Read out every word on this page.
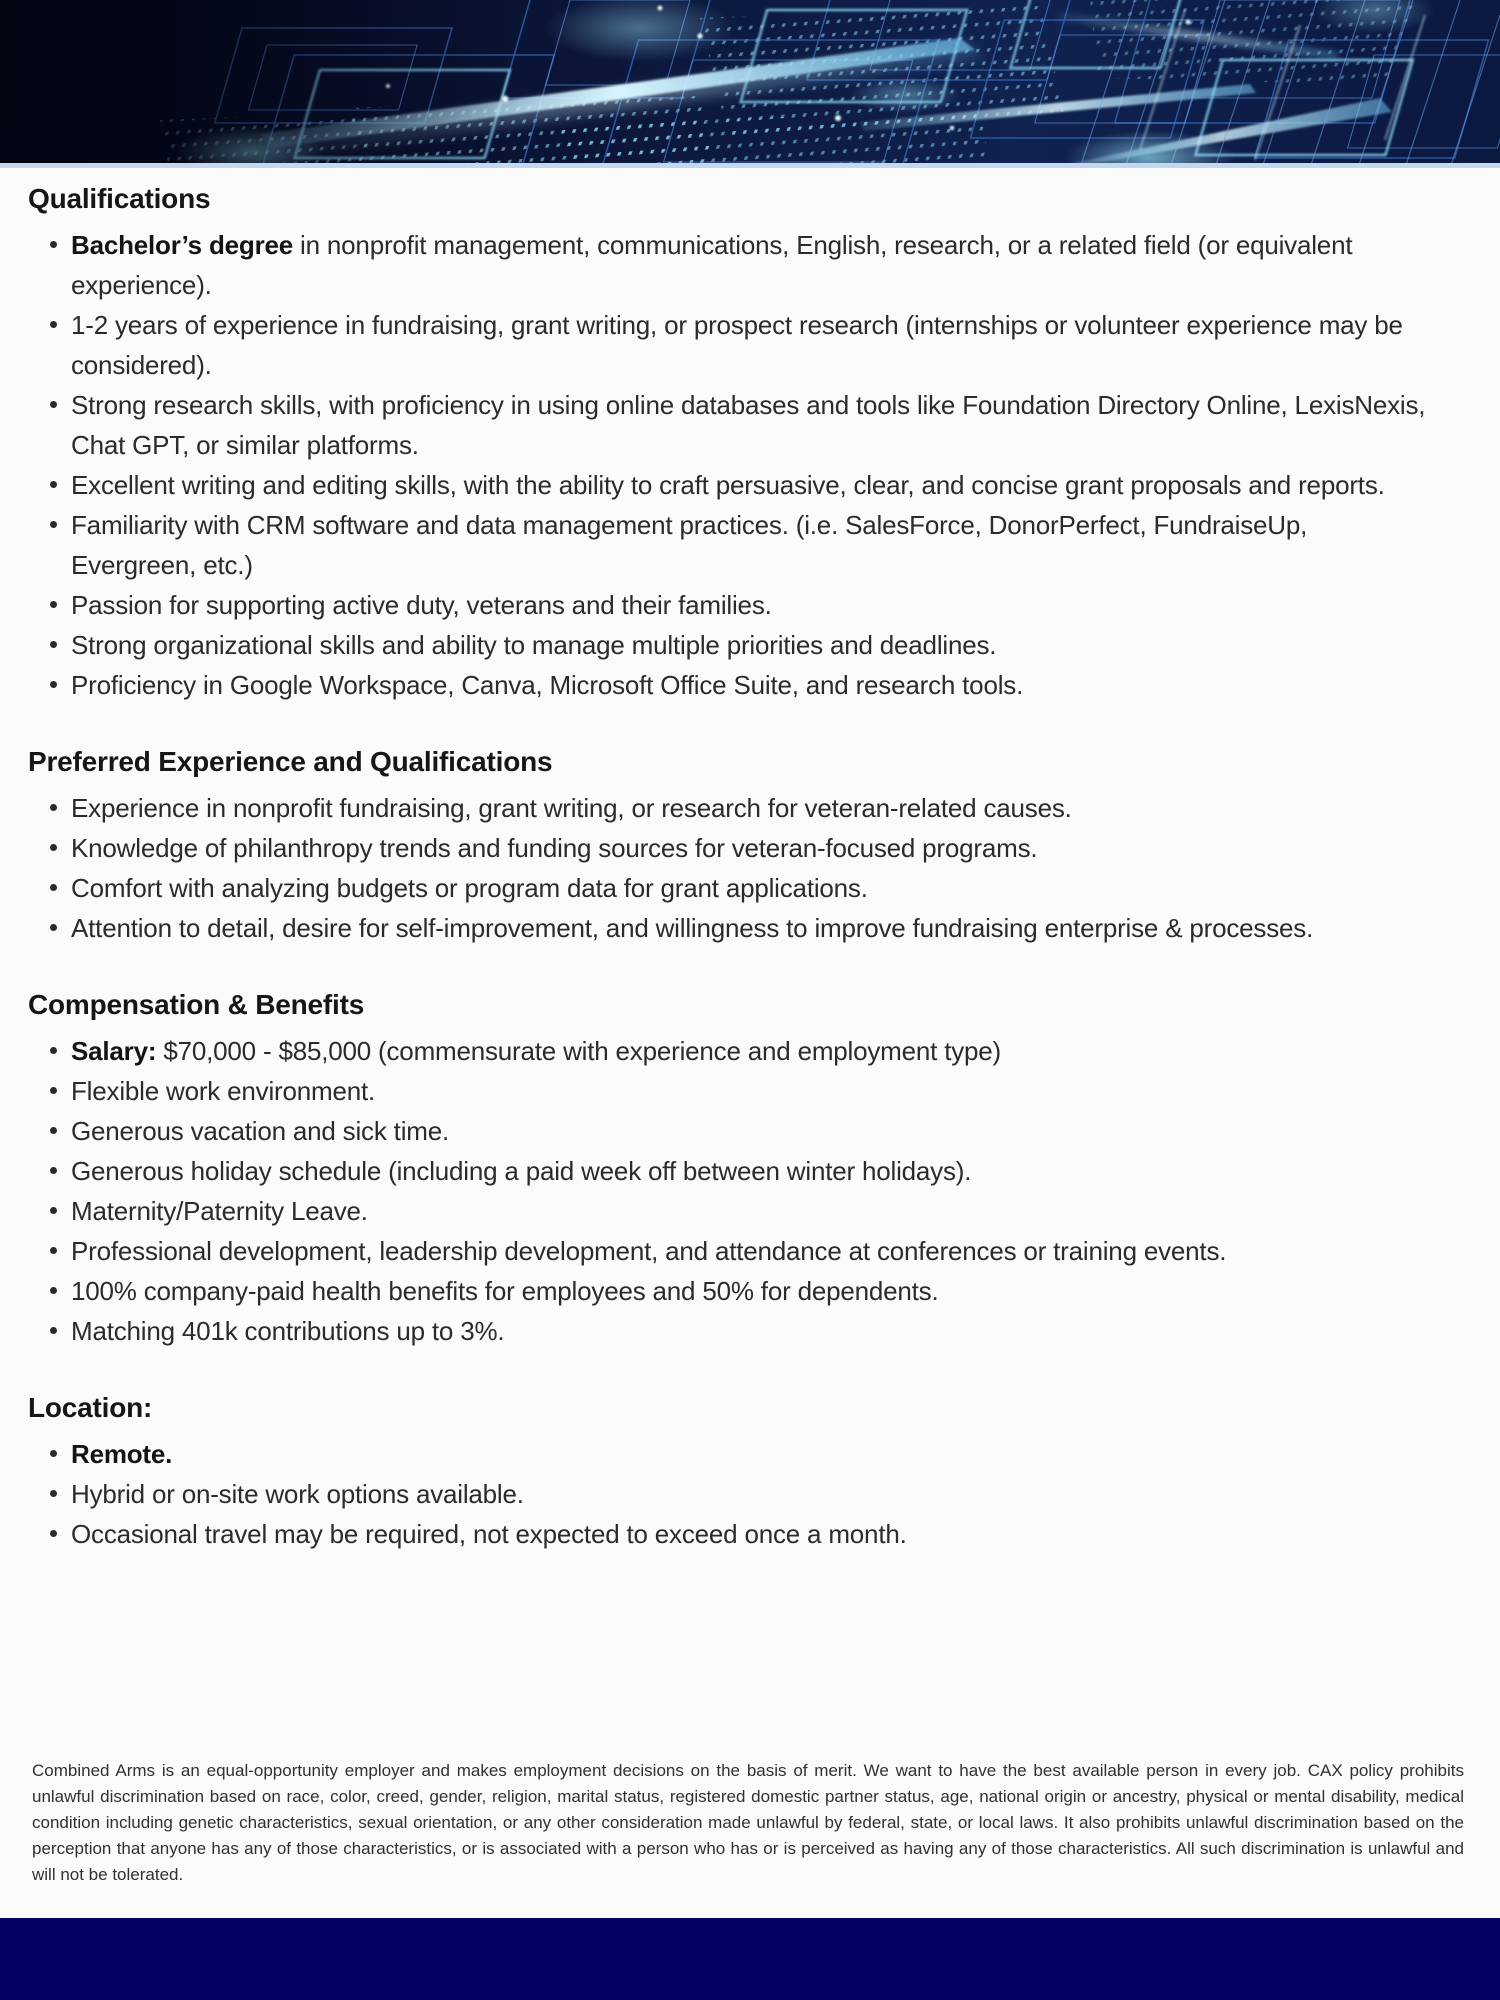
Qualifications
Bachelor’s degree in nonprofit management, communications, English, research, or a related field (or equivalent experience).
1-2 years of experience in fundraising, grant writing, or prospect research (internships or volunteer experience may be considered).
Strong research skills, with proficiency in using online databases and tools like Foundation Directory Online, LexisNexis, Chat GPT, or similar platforms.
Excellent writing and editing skills, with the ability to craft persuasive, clear, and concise grant proposals and reports.
Familiarity with CRM software and data management practices. (i.e. SalesForce, DonorPerfect, FundraiseUp, Evergreen, etc.)
Passion for supporting active duty, veterans and their families.
Strong organizational skills and ability to manage multiple priorities and deadlines.
Proficiency in Google Workspace, Canva, Microsoft Office Suite, and research tools.
Preferred Experience and Qualifications
Experience in nonprofit fundraising, grant writing, or research for veteran-related causes.
Knowledge of philanthropy trends and funding sources for veteran-focused programs.
Comfort with analyzing budgets or program data for grant applications.
Attention to detail, desire for self-improvement, and willingness to improve fundraising enterprise & processes.
Compensation & Benefits
Salary: $70,000 - $85,000 (commensurate with experience and employment type)
Flexible work environment.
Generous vacation and sick time.
Generous holiday schedule (including a paid week off between winter holidays).
Maternity/Paternity Leave.
Professional development, leadership development, and attendance at conferences or training events.
100% company-paid health benefits for employees and 50% for dependents.
Matching 401k contributions up to 3%.
Location:
Remote.
Hybrid or on-site work options available.
Occasional travel may be required, not expected to exceed once a month.

Combined Arms is an equal-opportunity employer and makes employment decisions on the basis of merit. We want to have the best available person in every job. CAX policy prohibits unlawful discrimination based on race, color, creed, gender, religion, marital status, registered domestic partner status, age, national origin or ancestry, physical or mental disability, medical condition including genetic characteristics, sexual orientation, or any other consideration made unlawful by federal, state, or local laws. It also prohibits unlawful discrimination based on the perception that anyone has any of those characteristics, or is associated with a person who has or is perceived as having any of those characteristics. All such discrimination is unlawful and will not be tolerated.
